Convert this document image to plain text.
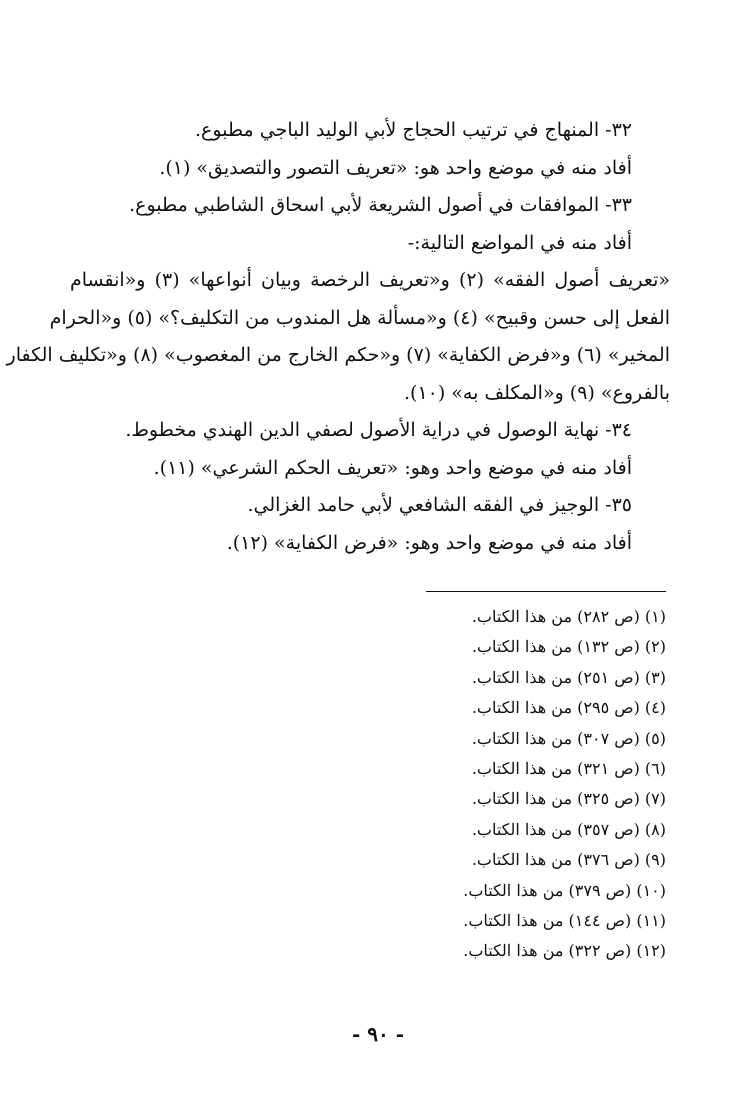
٣٢- المنهاج في ترتيب الحجاج لأبي الوليد الباجي مطبوع.
أفاد منه في موضع واحد هو: «تعريف التصور والتصديق» (١).
٣٣- الموافقات في أصول الشريعة لأبي اسحاق الشاطبي مطبوع.
أفاد منه في المواضع التالية:-
«تعريف أصول الفقه» (٢) و«تعريف الرخصة وبيان أنواعها» (٣) و«انقسام
الفعل إلى حسن وقبيح» (٤) و«مسألة هل المندوب من التكليف؟» (٥) و«الحرام
المخير» (٦) و«فرض الكفاية» (٧) و«حكم الخارج من المغصوب» (٨) و«تكليف الكفار
بالفروع» (٩) و«المكلف به» (١٠).
٣٤- نهاية الوصول في دراية الأصول لصفي الدين الهندي مخطوط.
أفاد منه في موضع واحد وهو: «تعريف الحكم الشرعي» (١١).
٣٥- الوجيز في الفقه الشافعي لأبي حامد الغزالي.
أفاد منه في موضع واحد وهو: «فرض الكفاية» (١٢).
(١) (ص ٢٨٢) من هذا الكتاب.
(٢) (ص ١٣٢) من هذا الكتاب.
(٣) (ص ٢٥١) من هذا الكتاب.
(٤) (ص ٢٩٥) من هذا الكتاب.
(٥) (ص ٣٠٧) من هذا الكتاب.
(٦) (ص ٣٢١) من هذا الكتاب.
(٧) (ص ٣٢٥) من هذا الكتاب.
(٨) (ص ٣٥٧) من هذا الكتاب.
(٩) (ص ٣٧٦) من هذا الكتاب.
(١٠) (ص ٣٧٩) من هذا الكتاب.
(١١) (ص ١٤٤) من هذا الكتاب.
(١٢) (ص ٣٢٢) من هذا الكتاب.
- ٩٠ -
